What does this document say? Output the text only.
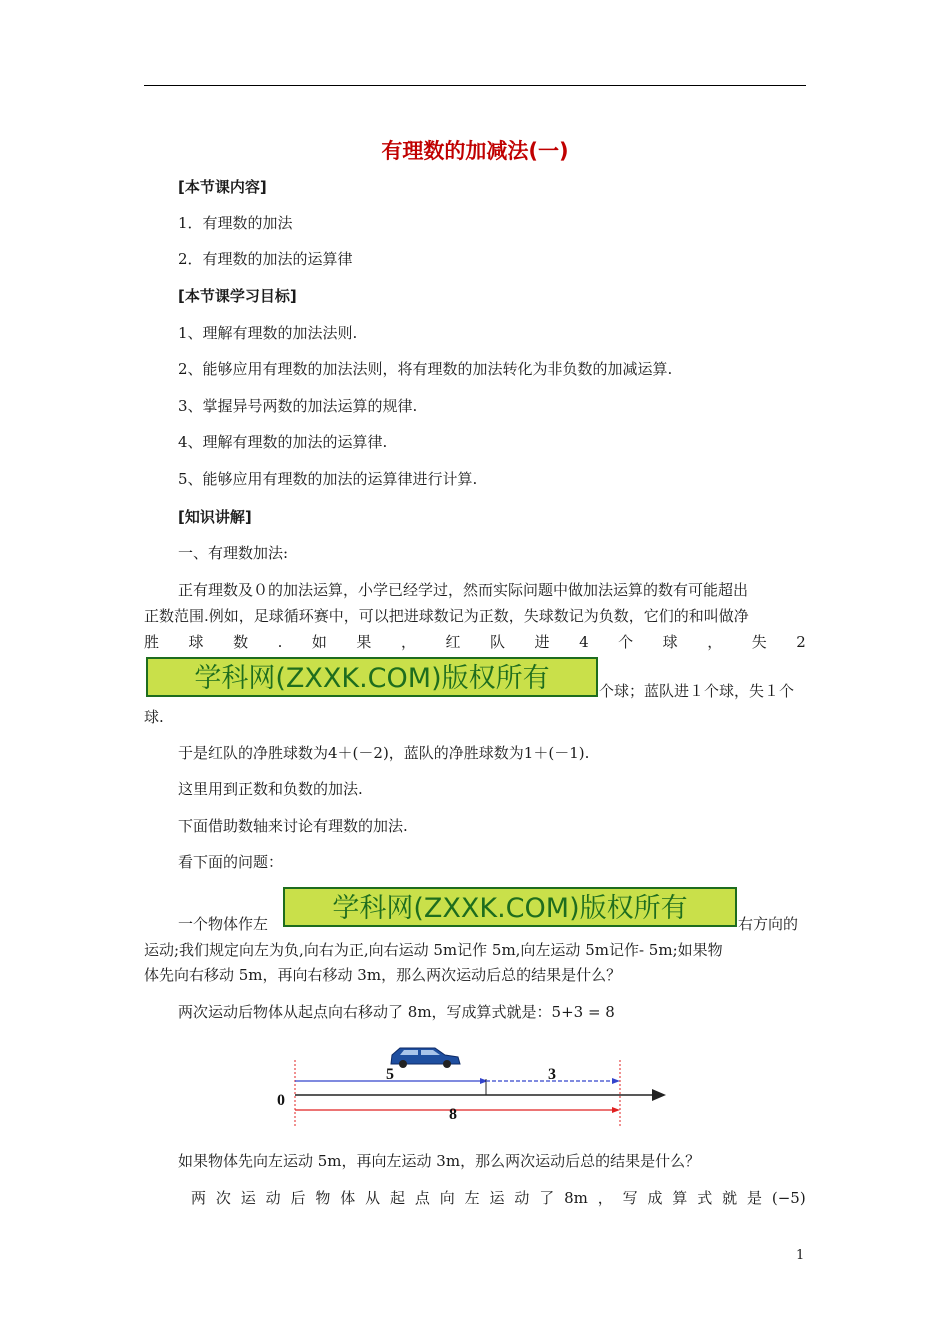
有理数的加减法(一)
[本节课内容]
1．有理数的加法
2．有理数的加法的运算律
[本节课学习目标]
1、理解有理数的加法法则.
2、能够应用有理数的加法法则，将有理数的加法转化为非负数的加减运算.
3、掌握异号两数的加法运算的规律.
4、理解有理数的加法的运算律.
5、能够应用有理数的加法的运算律进行计算.
[知识讲解]
一、有理数加法:
正有理数及０的加法运算，小学已经学过，然而实际问题中做加法运算的数有可能超出
正数范围.例如，足球循环赛中，可以把进球数记为正数，失球数记为负数，它们的和叫做净
胜 球 数 . 如 果 ， 红 队 进 4 个 球 ， 失 2
学科网(ZXXK.COM)版权所有	个球；蓝队进１个球，失１个
球.
于是红队的净胜球数为4＋(－2)，蓝队的净胜球数为1＋(－1).
这里用到正数和负数的加法.
下面借助数轴来讨论有理数的加法.
看下面的问题：
一个物体作左	学科网(ZXXK.COM)版权所有	右方向的
运动;我们规定向左为负,向右为正,向右运动 5m记作 5m,向左运动 5m记作- 5m;如果物
体先向右移动 5m，再向右移动 3m，那么两次运动后总的结果是什么？
两次运动后物体从起点向右移动了 8m，写成算式就是：5+3 = 8
5	3
0
8
如果物体先向左运动 5m，再向左运动 3m，那么两次运动后总的结果是什么？
两 次 运 动 后 物 体 从 起 点 向 左 运 动 了 8m ， 写 成 算 式 就 是 (−5)
1
